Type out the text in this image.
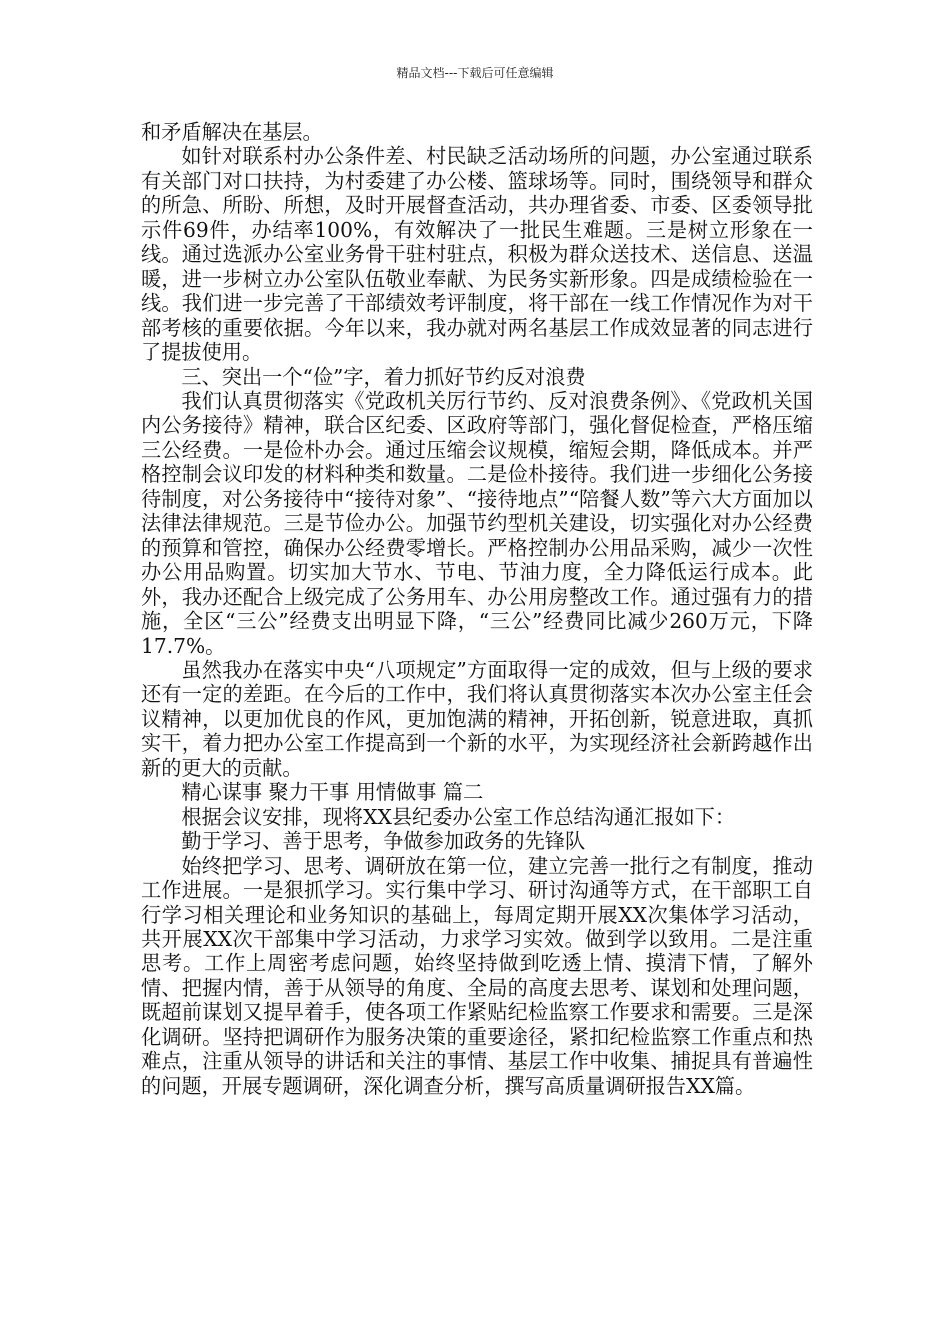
精品文档---下载后可任意编辑

和矛盾解决在基层。

如针对联系村办公条件差、村民缺乏活动场所的问题，办公室通过联系有关部门对口扶持，为村委建了办公楼、篮球场等。同时，围绕领导和群众的所急、所盼、所想，及时开展督查活动，共办理省委、市委、区委领导批示件69件，办结率100%，有效解决了一批民生难题。三是树立形象在一线。通过选派办公室业务骨干驻村驻点，积极为群众送技术、送信息、送温暖，进一步树立办公室队伍敬业奉献、为民务实新形象。四是成绩检验在一线。我们进一步完善了干部绩效考评制度，将干部在一线工作情况作为对干部考核的重要依据。今年以来，我办就对两名基层工作成效显著的同志进行了提拔使用。

三、突出一个“俭”字，着力抓好节约反对浪费

我们认真贯彻落实《党政机关厉行节约、反对浪费条例》、《党政机关国内公务接待》精神，联合区纪委、区政府等部门，强化督促检查，严格压缩三公经费。一是俭朴办会。通过压缩会议规模，缩短会期，降低成本。并严格控制会议印发的材料种类和数量。二是俭朴接待。我们进一步细化公务接待制度，对公务接待中“接待对象”、“接待地点”“陪餐人数”等六大方面加以法律法律规范。三是节俭办公。加强节约型机关建设，切实强化对办公经费的预算和管控，确保办公经费零增长。严格控制办公用品采购，减少一次性办公用品购置。切实加大节水、节电、节油力度，全力降低运行成本。此外，我办还配合上级完成了公务用车、办公用房整改工作。通过强有力的措施，全区“三公”经费支出明显下降，“三公”经费同比减少260万元，下降17.7%。

虽然我办在落实中央“八项规定”方面取得一定的成效，但与上级的要求还有一定的差距。在今后的工作中，我们将认真贯彻落实本次办公室主任会议精神，以更加优良的作风，更加饱满的精神，开拓创新，锐意进取，真抓实干，着力把办公室工作提高到一个新的水平，为实现经济社会新跨越作出新的更大的贡献。

精心谋事 聚力干事 用情做事 篇二

根据会议安排，现将XX县纪委办公室工作总结沟通汇报如下：

勤于学习、善于思考，争做参加政务的先锋队

始终把学习、思考、调研放在第一位，建立完善一批行之有制度，推动工作进展。一是狠抓学习。实行集中学习、研讨沟通等方式，在干部职工自行学习相关理论和业务知识的基础上，每周定期开展XX次集体学习活动，共开展XX次干部集中学习活动，力求学习实效。做到学以致用。二是注重思考。工作上周密考虑问题，始终坚持做到吃透上情、摸清下情，了解外情、把握内情，善于从领导的角度、全局的高度去思考、谋划和处理问题，既超前谋划又提早着手，使各项工作紧贴纪检监察工作要求和需要。三是深化调研。坚持把调研作为服务决策的重要途径，紧扣纪检监察工作重点和热难点，注重从领导的讲话和关注的事情、基层工作中收集、捕捉具有普遍性的问题，开展专题调研，深化调查分析，撰写高质量调研报告XX篇。
